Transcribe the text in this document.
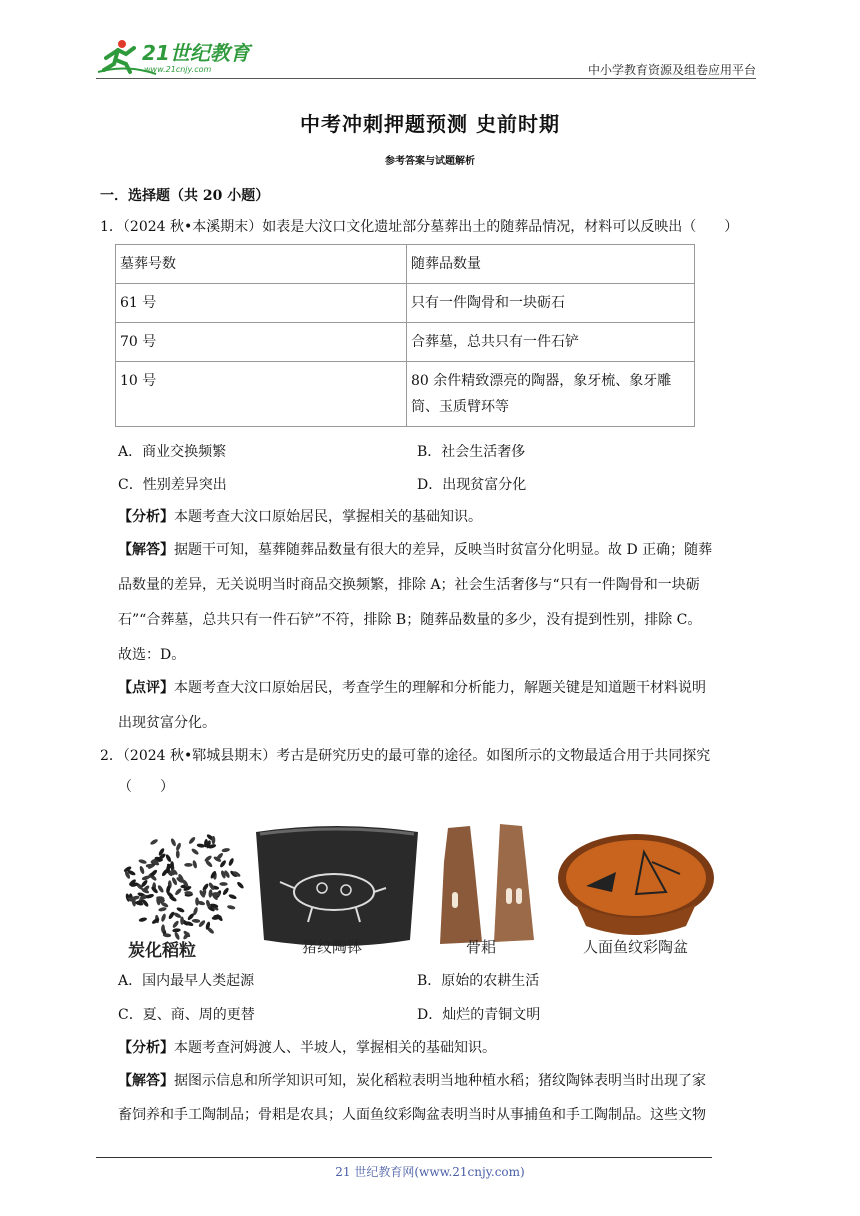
21世纪教育
www.21cnjy.com	中小学教育资源及组卷应用平台
中考冲刺押题预测 史前时期
参考答案与试题解析
一．选择题（共 20 小题）
1．（2024 秋•本溪期末）如表是大汶口文化遗址部分墓葬出土的随葬品情况，材料可以反映出（　　）
墓葬号数	随葬品数量
61 号	只有一件陶骨和一块砺石
70 号	合葬墓，总共只有一件石铲
10 号	80 余件精致漂亮的陶器，象牙梳、象牙雕筒、玉质臂环等
A．商业交换频繁	B．社会生活奢侈
C．性别差异突出	D．出现贫富分化
【分析】本题考查大汶口原始居民，掌握相关的基础知识。
【解答】据题干可知，墓葬随葬品数量有很大的差异，反映当时贫富分化明显。故 D 正确；随葬
品数量的差异，无关说明当时商品交换频繁，排除 A；社会生活奢侈与“只有一件陶骨和一块砺
石”“合葬墓，总共只有一件石铲”不符，排除 B；随葬品数量的多少，没有提到性别，排除 C。
故选：D。
【点评】本题考查大汶口原始居民，考查学生的理解和分析能力，解题关键是知道题干材料说明
出现贫富分化。
2．（2024 秋•郓城县期末）考古是研究历史的最可靠的途径。如图所示的文物最适合用于共同探究
（　　）
炭化稻粒	猪纹陶钵	骨耜	人面鱼纹彩陶盆
A．国内最早人类起源	B．原始的农耕生活
C．夏、商、周的更替	D．灿烂的青铜文明
【分析】本题考查河姆渡人、半坡人，掌握相关的基础知识。
【解答】据图示信息和所学知识可知，炭化稻粒表明当地种植水稻；猪纹陶钵表明当时出现了家
畜饲养和手工陶制品；骨耜是农具；人面鱼纹彩陶盆表明当时从事捕鱼和手工陶制品。这些文物
21 世纪教育网(www.21cnjy.com)
